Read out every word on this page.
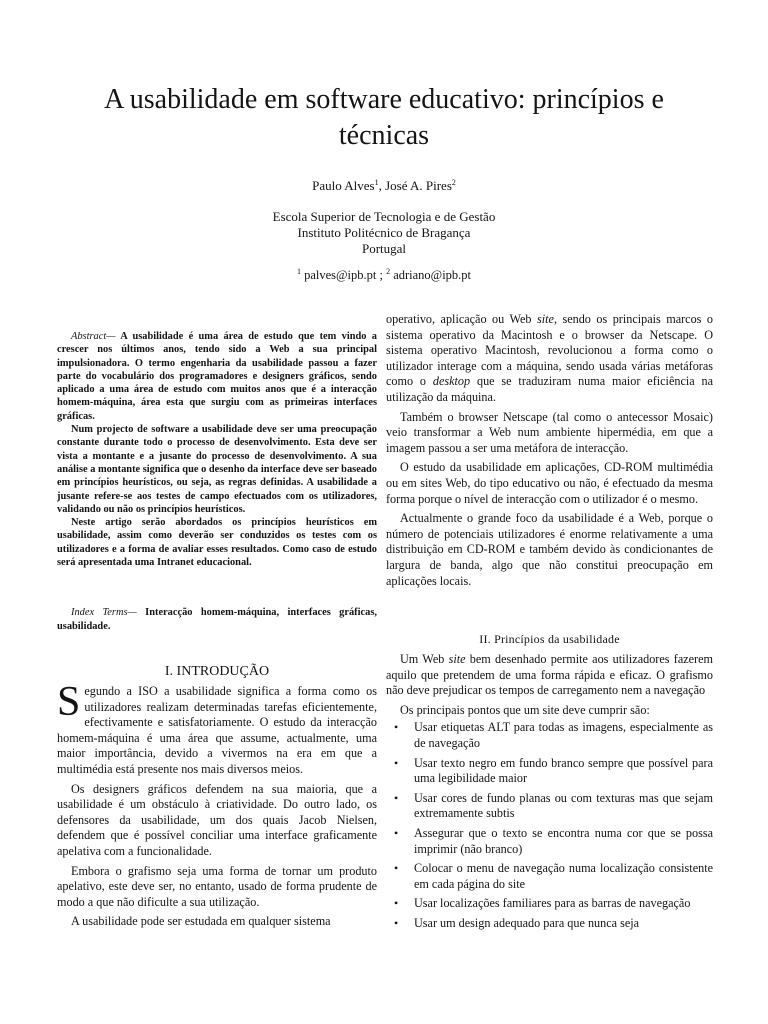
A usabilidade em software educativo: princípios e técnicas
Paulo Alves$^1$, José A. Pires$^2$
Escola Superior de Tecnologia e de Gestão
Instituto Politécnico de Bragança
Portugal
$^1$ palves@ipb.pt ; $^2$ adriano@ipb.pt

Abstract— A usabilidade é uma área de estudo que tem vindo a crescer nos últimos anos, tendo sido a Web a sua principal impulsionadora. O termo engenharia da usabilidade passou a fazer parte do vocabulário dos programadores e designers gráficos, sendo aplicado a uma área de estudo com muitos anos que é a interacção homem-máquina, área esta que surgiu com as primeiras interfaces gráficas.

Num projecto de software a usabilidade deve ser uma preocupação constante durante todo o processo de desenvolvimento. Esta deve ser vista a montante e a jusante do processo de desenvolvimento. A sua análise a montante significa que o desenho da interface deve ser baseado em princípios heurísticos, ou seja, as regras definidas. A usabilidade a jusante refere-se aos testes de campo efectuados com os utilizadores, validando ou não os princípios heurísticos.

Neste artigo serão abordados os princípios heurísticos em usabilidade, assim como deverão ser conduzidos os testes com os utilizadores e a forma de avaliar esses resultados. Como caso de estudo será apresentada uma Intranet educacional.

Index Terms— Interacção homem-máquina, interfaces gráficas, usabilidade.
I. INTRODUÇÃO

Segundo a ISO a usabilidade significa a forma como os utilizadores realizam determinadas tarefas eficientemente, efectivamente e satisfatoriamente. O estudo da interacção homem-máquina é uma área que assume, actualmente, uma maior importância, devido a vivermos na era em que a multimédia está presente nos mais diversos meios.

Os designers gráficos defendem na sua maioria, que a usabilidade é um obstáculo à criatividade. Do outro lado, os defensores da usabilidade, um dos quais Jacob Nielsen, defendem que é possível conciliar uma interface graficamente apelativa com a funcionalidade.

Embora o grafismo seja uma forma de tornar um produto apelativo, este deve ser, no entanto, usado de forma prudente de modo a que não dificulte a sua utilização.

A usabilidade pode ser estudada em qualquer sistema

operativo, aplicação ou Web site, sendo os principais marcos o sistema operativo da Macintosh e o browser da Netscape. O sistema operativo Macintosh, revolucionou a forma como o utilizador interage com a máquina, sendo usada várias metáforas como o desktop que se traduziram numa maior eficiência na utilização da máquina.

Também o browser Netscape (tal como o antecessor Mosaic) veio transformar a Web num ambiente hipermédia, em que a imagem passou a ser uma metáfora de interacção.

O estudo da usabilidade em aplicações, CD-ROM multimédia ou em sites Web, do tipo educativo ou não, é efectuado da mesma forma porque o nível de interacção com o utilizador é o mesmo.

Actualmente o grande foco da usabilidade é a Web, porque o número de potenciais utilizadores é enorme relativamente a uma distribuição em CD-ROM e também devido às condicionantes de largura de banda, algo que não constitui preocupação em aplicações locais.

II. Princípios da usabilidade

Um Web site bem desenhado permite aos utilizadores fazerem aquilo que pretendem de uma forma rápida e eficaz. O grafismo não deve prejudicar os tempos de carregamento nem a navegação

Os principais pontos que um site deve cumprir são:

• Usar etiquetas ALT para todas as imagens, especialmente as de navegação
• Usar texto negro em fundo branco sempre que possível para uma legibilidade maior
• Usar cores de fundo planas ou com texturas mas que sejam extremamente subtis
• Assegurar que o texto se encontra numa cor que se possa imprimir (não branco)
• Colocar o menu de navegação numa localização consistente em cada página do site
• Usar localizações familiares para as barras de navegação
• Usar um design adequado para que nunca seja
